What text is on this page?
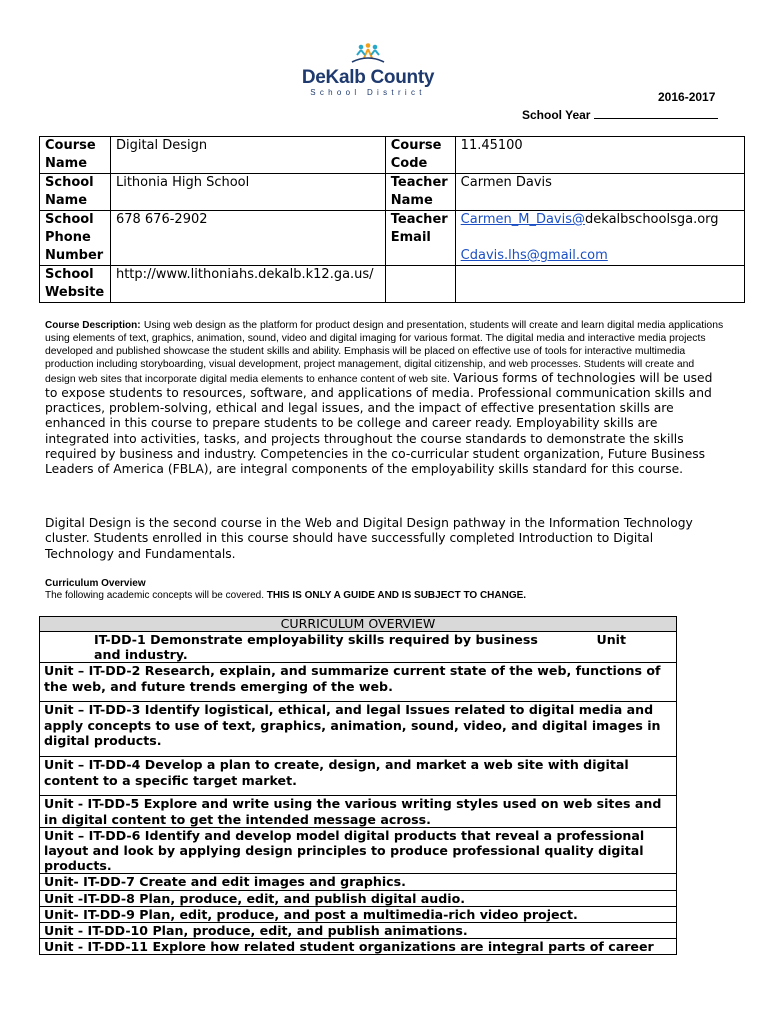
DeKalb County
School District	2016-2017
School Year
Course Name	Digital Design	Course Code	11.45100
School Name	Lithonia High School	Teacher Name	Carmen Davis
School Phone Number	678 676-2902	Teacher Email	Carmen_M_Davis@dekalbschoolsga.org

Cdavis.lhs@gmail.com
School Website	http://www.lithoniahs.dekalb.k12.ga.us/		
Course Description: Using web design as the platform for product design and presentation, students will create and learn digital media applications using elements of text, graphics, animation, sound, video and digital imaging for various format. The digital media and interactive media projects developed and published showcase the student skills and ability. Emphasis will be placed on effective use of tools for interactive multimedia production including storyboarding, visual development, project management, digital citizenship, and web processes. Students will create and design web sites that incorporate digital media elements to enhance content of web site. Various forms of technologies will be used to expose students to resources, software, and applications of media. Professional communication skills and practices, problem-solving, ethical and legal issues, and the impact of effective presentation skills are enhanced in this course to prepare students to be college and career ready. Employability skills are integrated into activities, tasks, and projects throughout the course standards to demonstrate the skills required by business and industry. Competencies in the co-curricular student organization, Future Business Leaders of America (FBLA), are integral components of the employability skills standard for this course.
Digital Design is the second course in the Web and Digital Design pathway in the Information Technology cluster. Students enrolled in this course should have successfully completed Introduction to Digital Technology and Fundamentals.
Curriculum Overview
The following academic concepts will be covered. THIS IS ONLY A GUIDE AND IS SUBJECT TO CHANGE.
CURRICULUM OVERVIEW

IT-DD-1 Demonstrate employability skills required by business and industry.
Unit

Unit – IT-DD-2 Research, explain, and summarize current state of the web, functions of the web, and future trends emerging of the web.
Unit – IT-DD-3 Identify logistical, ethical, and legal Issues related to digital media and apply concepts to use of text, graphics, animation, sound, video, and digital images in digital products.
Unit – IT-DD-4 Develop a plan to create, design, and market a web site with digital content to a specific target market.
Unit - IT-DD-5 Explore and write using the various writing styles used on web sites and in digital content to get the intended message across.
Unit – IT-DD-6 Identify and develop model digital products that reveal a professional layout and look by applying design principles to produce professional quality digital products.
Unit- IT-DD-7 Create and edit images and graphics.
Unit -IT-DD-8 Plan, produce, edit, and publish digital audio.
Unit- IT-DD-9 Plan, edit, produce, and post a multimedia-rich video project.
Unit - IT-DD-10 Plan, produce, edit, and publish animations.
Unit - IT-DD-11 Explore how related student organizations are integral parts of career
